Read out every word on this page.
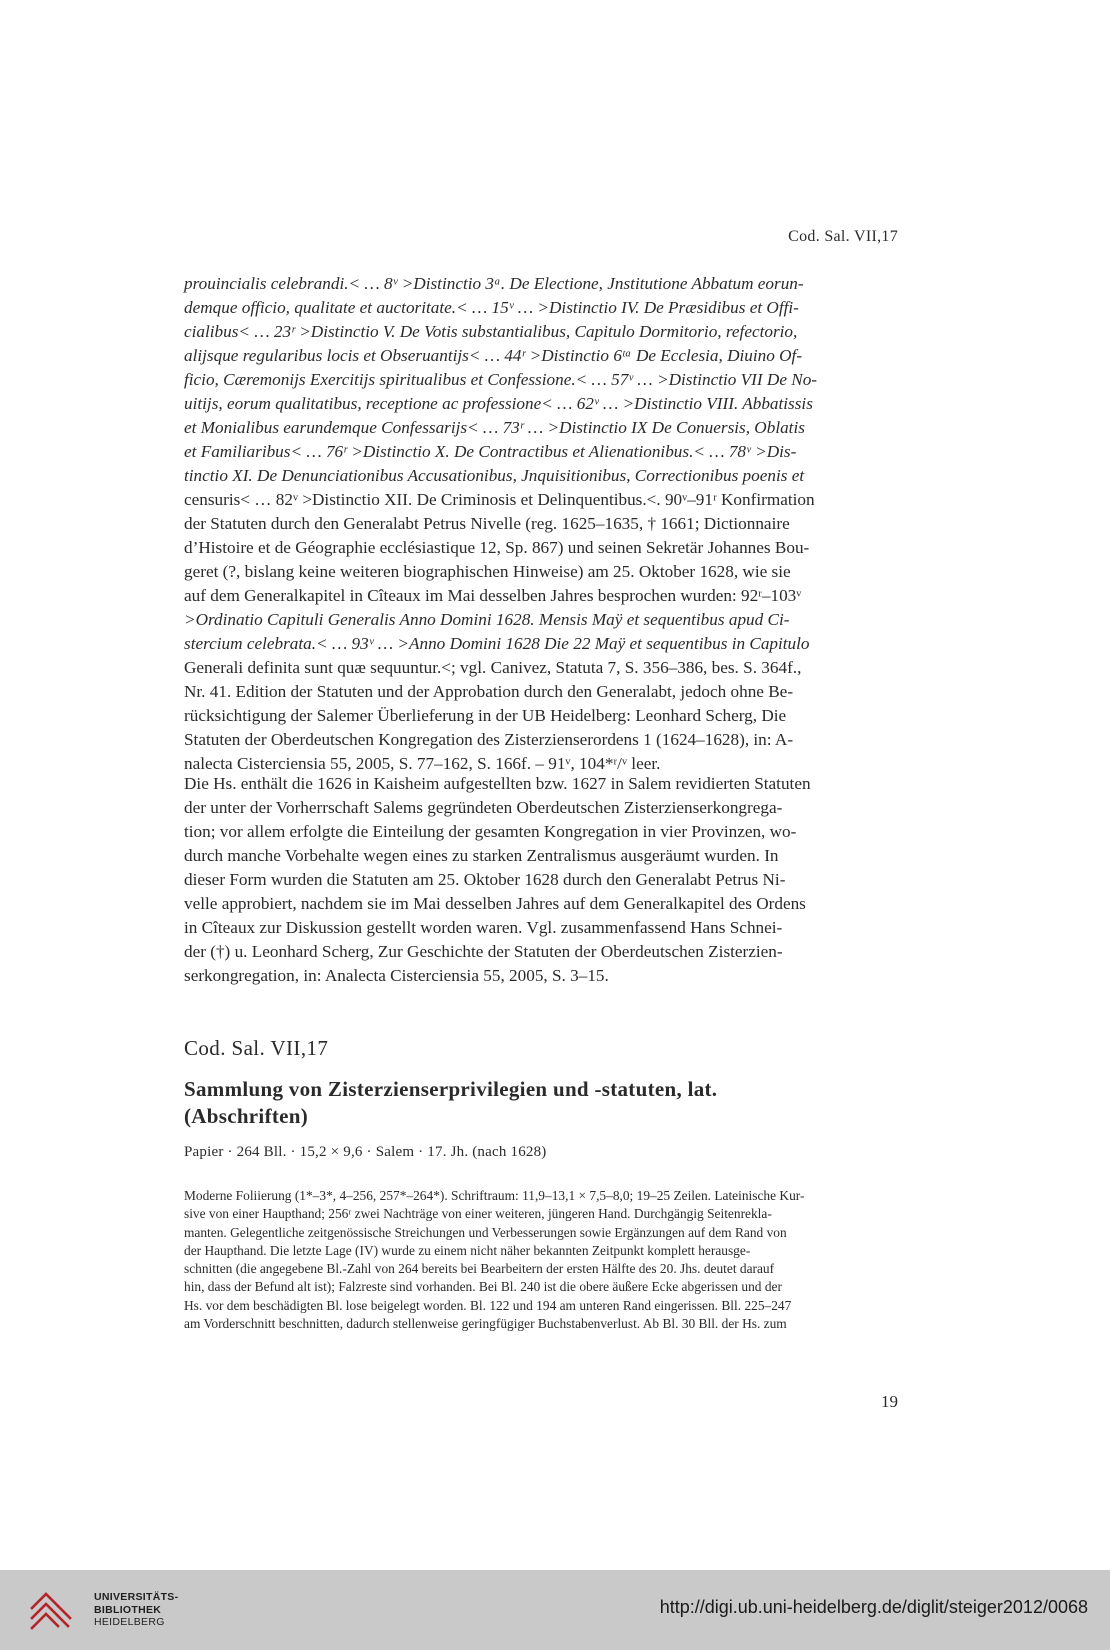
Cod. Sal. VII,17
prouincialis celebrandi.< … 8ᵛ >Distinctio 3ᵃ. De Electione, Jnstitutione Abbatum eorun-
demque officio, qualitate et auctoritate.< … 15ᵛ … >Distinctio IV. De Præsidibus et Offi-
cialibus< … 23ʳ >Distinctio V. De Votis substantialibus, Capitulo Dormitorio, refectorio,
alijsque regularibus locis et Obseruantijs< … 44ʳ >Distinctio 6ᵗᵃ De Ecclesia, Diuino Of-
ficio, Cæremonijs Exercitijs spiritualibus et Confessione.< … 57ᵛ … >Distinctio VII De No-
uitijs, eorum qualitatibus, receptione ac professione< … 62ᵛ … >Distinctio VIII. Abbatissis
et Monialibus earundemque Confessarijs< … 73ʳ … >Distinctio IX De Conuersis, Oblatis
et Familiaribus< … 76ʳ >Distinctio X. De Contractibus et Alienationibus.< … 78ᵛ >Dis-
tinctio XI. De Denunciationibus Accusationibus, Jnquisitionibus, Correctionibus poenis et
censuris< … 82ᵛ >Distinctio XII. De Criminosis et Delinquentibus.<. 90ᵛ–91ʳ Konfirmation
der Statuten durch den Generalabt Petrus Nivelle (reg. 1625–1635, † 1661; Dictionnaire
d’Histoire et de Géographie ecclésiastique 12, Sp. 867) und seinen Sekretär Johannes Bou-
geret (?, bislang keine weiteren biographischen Hinweise) am 25. Oktober 1628, wie sie
auf dem Generalkapitel in Cîteaux im Mai desselben Jahres besprochen wurden: 92ʳ–103ᵛ
>Ordinatio Capituli Generalis Anno Domini 1628. Mensis Maÿ et sequentibus apud Ci-
stercium celebrata.< … 93ᵛ … >Anno Domini 1628 Die 22 Maÿ et sequentibus in Capitulo
Generali definita sunt quæ sequuntur.<; vgl. Canivez, Statuta 7, S. 356–386, bes. S. 364f.,
Nr. 41. Edition der Statuten und der Approbation durch den Generalabt, jedoch ohne Be-
rücksichtigung der Salemer Überlieferung in der UB Heidelberg: Leonhard Scherg, Die
Statuten der Oberdeutschen Kongregation des Zisterzienserordens 1 (1624–1628), in: A-
nalecta Cisterciensia 55, 2005, S. 77–162, S. 166f. – 91ᵛ, 104*ʳ/ᵛ leer.
Die Hs. enthält die 1626 in Kaisheim aufgestellten bzw. 1627 in Salem revidierten Statuten
der unter der Vorherrschaft Salems gegründeten Oberdeutschen Zisterzienserkongrega-
tion; vor allem erfolgte die Einteilung der gesamten Kongregation in vier Provinzen, wo-
durch manche Vorbehalte wegen eines zu starken Zentralismus ausgeräumt wurden. In
dieser Form wurden die Statuten am 25. Oktober 1628 durch den Generalabt Petrus Ni-
velle approbiert, nachdem sie im Mai desselben Jahres auf dem Generalkapitel des Ordens
in Cîteaux zur Diskussion gestellt worden waren. Vgl. zusammenfassend Hans Schnei-
der (†) u. Leonhard Scherg, Zur Geschichte der Statuten der Oberdeutschen Zisterzien-
serkongregation, in: Analecta Cisterciensia 55, 2005, S. 3–15.
Cod. Sal. VII,17
Sammlung von Zisterzienserprivilegien und -statuten, lat.
(Abschriften)
Papier · 264 Bll. · 15,2 × 9,6 · Salem · 17. Jh. (nach 1628)
Moderne Foliierung (1*–3*, 4–256, 257*–264*). Schriftraum: 11,9–13,1 × 7,5–8,0; 19–25 Zeilen. Lateinische Kur-
sive von einer Haupthand; 256ʳ zwei Nachträge von einer weiteren, jüngeren Hand. Durchgängig Seitenrekla-
manten. Gelegentliche zeitgenössische Streichungen und Verbesserungen sowie Ergänzungen auf dem Rand von
der Haupthand. Die letzte Lage (IV) wurde zu einem nicht näher bekannten Zeitpunkt komplett herausge-
schnitten (die angegebene Bl.-Zahl von 264 bereits bei Bearbeitern der ersten Hälfte des 20. Jhs. deutet darauf
hin, dass der Befund alt ist); Falzreste sind vorhanden. Bei Bl. 240 ist die obere äußere Ecke abgerissen und der
Hs. vor dem beschädigten Bl. lose beigelegt worden. Bl. 122 und 194 am unteren Rand eingerissen. Bll. 225–247
am Vorderschnitt beschnitten, dadurch stellenweise geringfügiger Buchstabenverlust. Ab Bl. 30 Bll. der Hs. zum
19
UNIVERSITÄTS-
BIBLIOTHEK
HEIDELBERG
http://digi.ub.uni-heidelberg.de/diglit/steiger2012/0068
